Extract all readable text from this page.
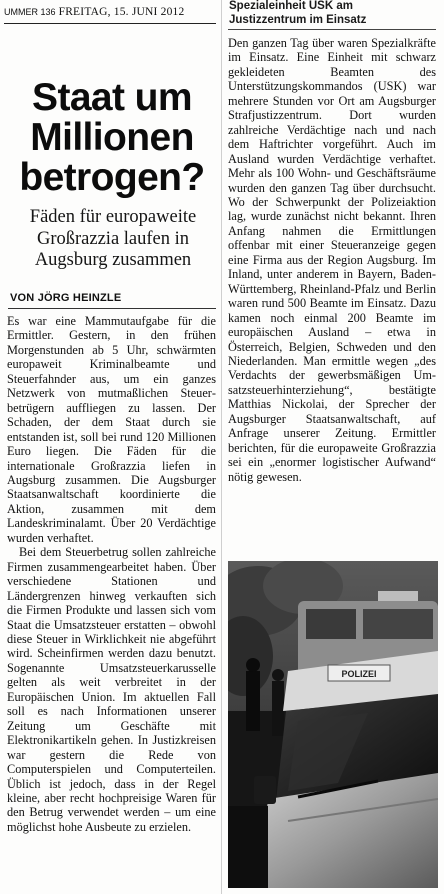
UMMER 136 FREITAG, 15. JUNI 2012
Staat um Millionen betrogen?
Fäden für europaweite Großrazzia laufen in Augsburg zusammen
VON JÖRG HEINZLE

Es war eine Mammutaufgabe für die Ermittler. Gestern, in den frühen Morgenstunden ab 5 Uhr, schwärmten europaweit Kriminalbeamte und Steuerfahnder aus, um ein ganzes Netzwerk von mutmaßlichen Steuerbetrügern auffliegen zu lassen. Der Schaden, der dem Staat durch sie entstanden ist, soll bei rund 120 Millionen Euro liegen. Die Fäden für die internationale Großrazzia liefen in Augsburg zusammen. Die Augsburger Staatsanwaltschaft koordinierte die Aktion, zusammen mit dem Landeskriminalamt. Über 20 Verdächtige wurden verhaftet.

Bei dem Steuerbetrug sollen zahlreiche Firmen zusammengearbeitet haben. Über verschiedene Stationen und Ländergrenzen hinweg verkauften sich die Firmen Produkte und lassen sich vom Staat die Umsatzsteuer erstatten – obwohl diese Steuer in Wirklichkeit nie abgeführt wird. Scheinfirmen werden dazu benutzt. Sogenannte Umsatzsteuerkarusselle gelten als weit verbreitet in der Europäischen Union. Im aktuellen Fall soll es nach Informationen unserer Zeitung um Geschäfte mit Elektronikartikeln gehen. In Justizkreisen war gestern die Rede von Computerspielen und Computerteilen. Üblich ist jedoch, dass in der Regel kleine, aber recht hochpreisige Waren für den Betrug verwendet werden – um eine möglichst hohe Ausbeute zu erzielen.

Spezialeinheit USK am
Justizzentrum im Einsatz

Den ganzen Tag über waren Spezialkräfte im Einsatz. Eine Einheit mit schwarz gekleideten Beamten des Unterstützungskommandos (USK) war mehrere Stunden vor Ort am Augsburger Strafjustizzentrum. Dort wurden zahlreiche Verdächtige nach und nach dem Haftrichter vorgeführt. Auch im Ausland wurden Verdächtige verhaftet. Mehr als 100 Wohn- und Geschäftsräume wurden den ganzen Tag über durchsucht. Wo der Schwerpunkt der Polizeiaktion lag, wurde zunächst nicht bekannt. Ihren Anfang nahmen die Ermittlungen offenbar mit einer Steueranzeige gegen eine Firma aus der Region Augsburg. Im Inland, unter anderem in Bayern, Baden-Württemberg, Rheinland-Pfalz und Berlin waren rund 500 Beamte im Einsatz. Dazu kamen noch einmal 200 Beamte im europäischen Ausland – etwa in Österreich, Belgien, Schweden und den Niederlanden. Man ermittle wegen „des Verdachts der gewerbsmäßigen Umsatzsteuerhinterziehung“, bestätigte Matthias Nickolai, der Sprecher der Augsburger Staatsanwaltschaft, auf Anfrage unserer Zeitung. Ermittler berichten, für die europaweite Großrazzia sei ein „enormer logistischer Aufwand“ nötig gewesen.

POLIZEI
